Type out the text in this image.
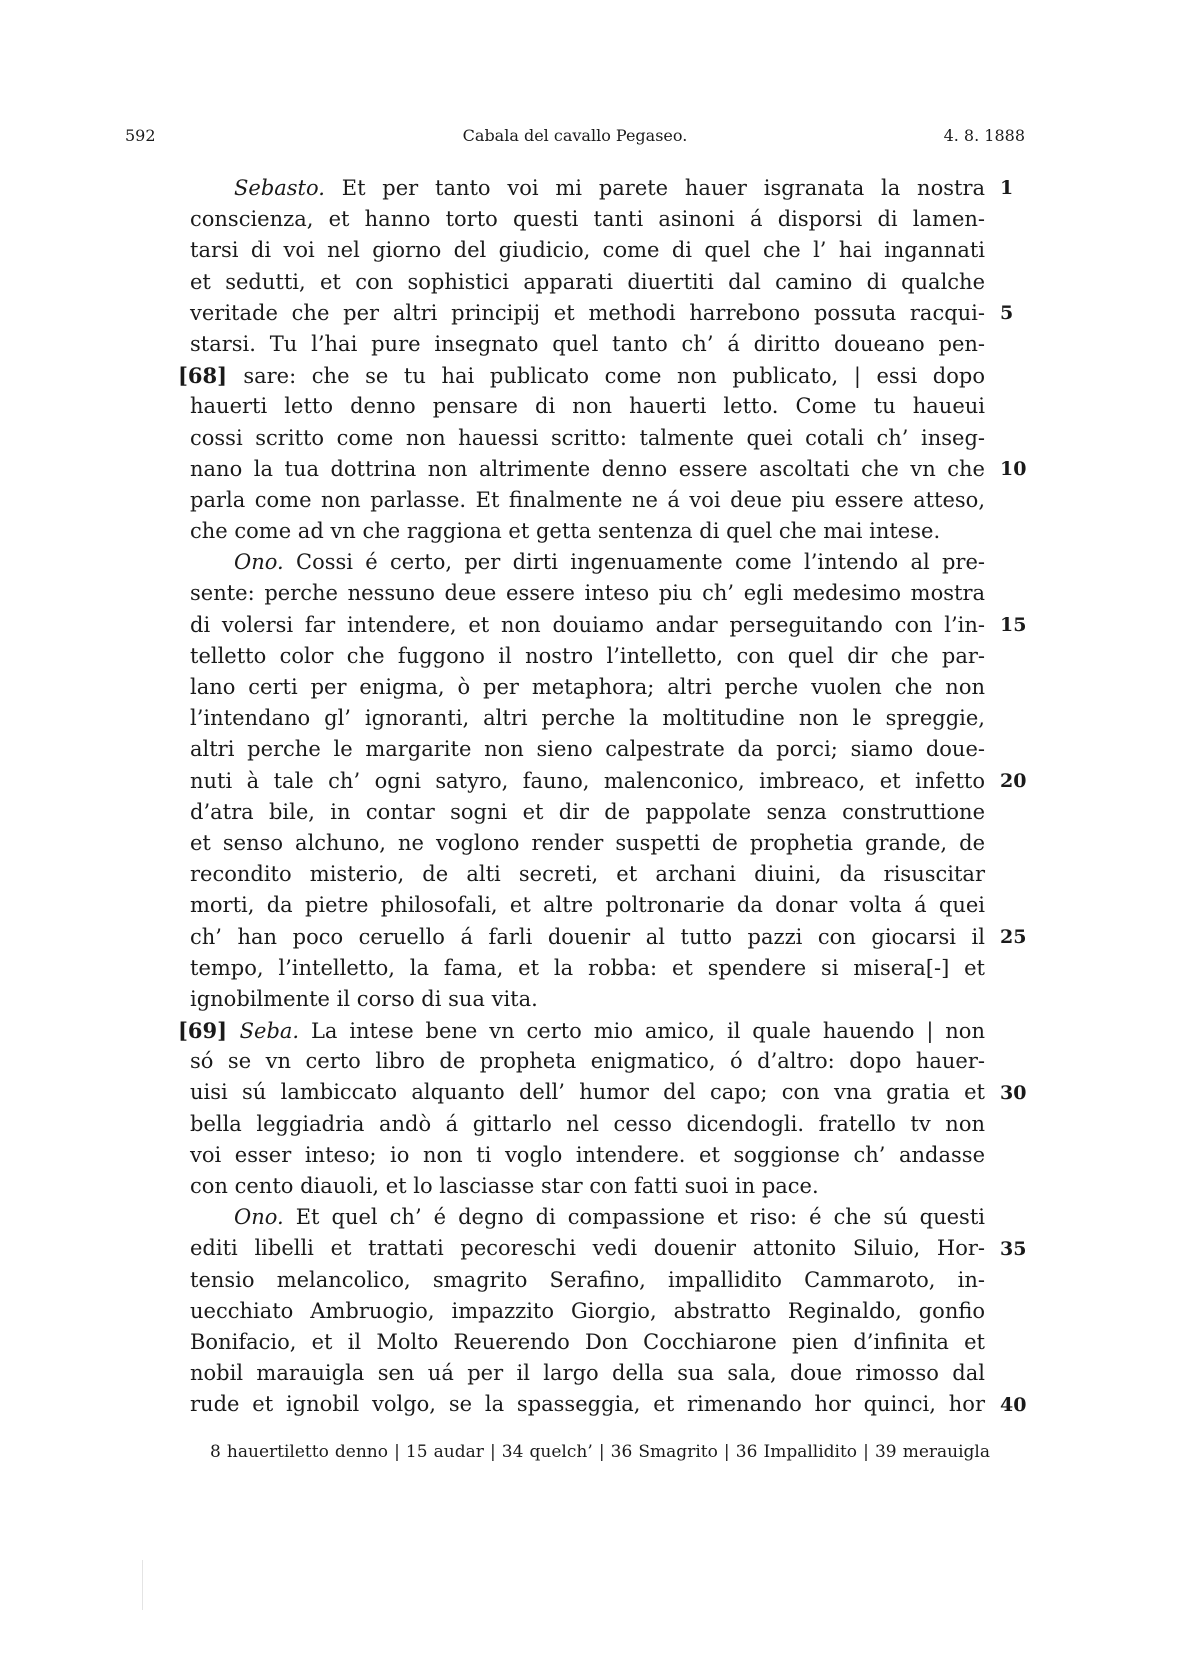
592	Cabala del cavallo Pegaseo.	4. 8. 1888
Sebasto. Et per tanto voi mi parete hauer isgranata la nostra
conscienza, et hanno torto questi tanti asinoni á disporsi di lamen-
tarsi di voi nel giorno del giudicio, come di quel che l’ hai ingannati
et sedutti, et con sophistici apparati diuertiti dal camino di qualche
veritade che per altri principij et methodi harrebono possuta racqui-
starsi. Tu l’hai pure insegnato quel tanto ch’ á diritto doueano pen-
[68] sare: che se tu hai publicato come non publicato, | essi dopo
hauerti letto denno pensare di non hauerti letto. Come tu haueui
cossi scritto come non hauessi scritto: talmente quei cotali ch’ inseg-
nano la tua dottrina non altrimente denno essere ascoltati che vn che
parla come non parlasse. Et finalmente ne á voi deue piu essere atteso,
che come ad vn che raggiona et getta sentenza di quel che mai intese.
Ono. Cossi é certo, per dirti ingenuamente come l’intendo al pre-
sente: perche nessuno deue essere inteso piu ch’ egli medesimo mostra
di volersi far intendere, et non douiamo andar perseguitando con l’in-
telletto color che fuggono il nostro l’intelletto, con quel dir che par-
lano certi per enigma, ò per metaphora; altri perche vuolen che non
l’intendano gl’ ignoranti, altri perche la moltitudine non le spreggie,
altri perche le margarite non sieno calpestrate da porci; siamo doue-
nuti à tale ch’ ogni satyro, fauno, malenconico, imbreaco, et infetto
d’atra bile, in contar sogni et dir de pappolate senza construttione
et senso alchuno, ne voglono render suspetti de prophetia grande, de
recondito misterio, de alti secreti, et archani diuini, da risuscitar
morti, da pietre philosofali, et altre poltronarie da donar volta á quei
ch’ han poco ceruello á farli douenir al tutto pazzi con giocarsi il
tempo, l’intelletto, la fama, et la robba: et spendere si misera[-] et
ignobilmente il corso di sua vita.
[69] Seba. La intese bene vn certo mio amico, il quale hauendo | non
só se vn certo libro de propheta enigmatico, ó d’altro: dopo hauer-
uisi sú lambiccato alquanto dell’ humor del capo; con vna gratia et
bella leggiadria andò á gittarlo nel cesso dicendogli. fratello tv non
voi esser inteso; io non ti voglo intendere. et soggionse ch’ andasse
con cento diauoli, et lo lasciasse star con fatti suoi in pace.
Ono. Et quel ch’ é degno di compassione et riso: é che sú questi
editi libelli et trattati pecoreschi vedi douenir attonito Siluio, Hor-
tensio melancolico, smagrito Serafino, impallidito Cammaroto, in-
uecchiato Ambruogio, impazzito Giorgio, abstratto Reginaldo, gonfio
Bonifacio, et il Molto Reuerendo Don Cocchiarone pien d’infinita et
nobil marauigla sen uá per il largo della sua sala, doue rimosso dal
rude et ignobil volgo, se la spasseggia, et rimenando hor quinci, hor
1
5
10
15
20
25
30
35
40
8 hauertiletto denno | 15 audar | 34 quelch’ | 36 Smagrito | 36 Impallidito | 39 merauigla
